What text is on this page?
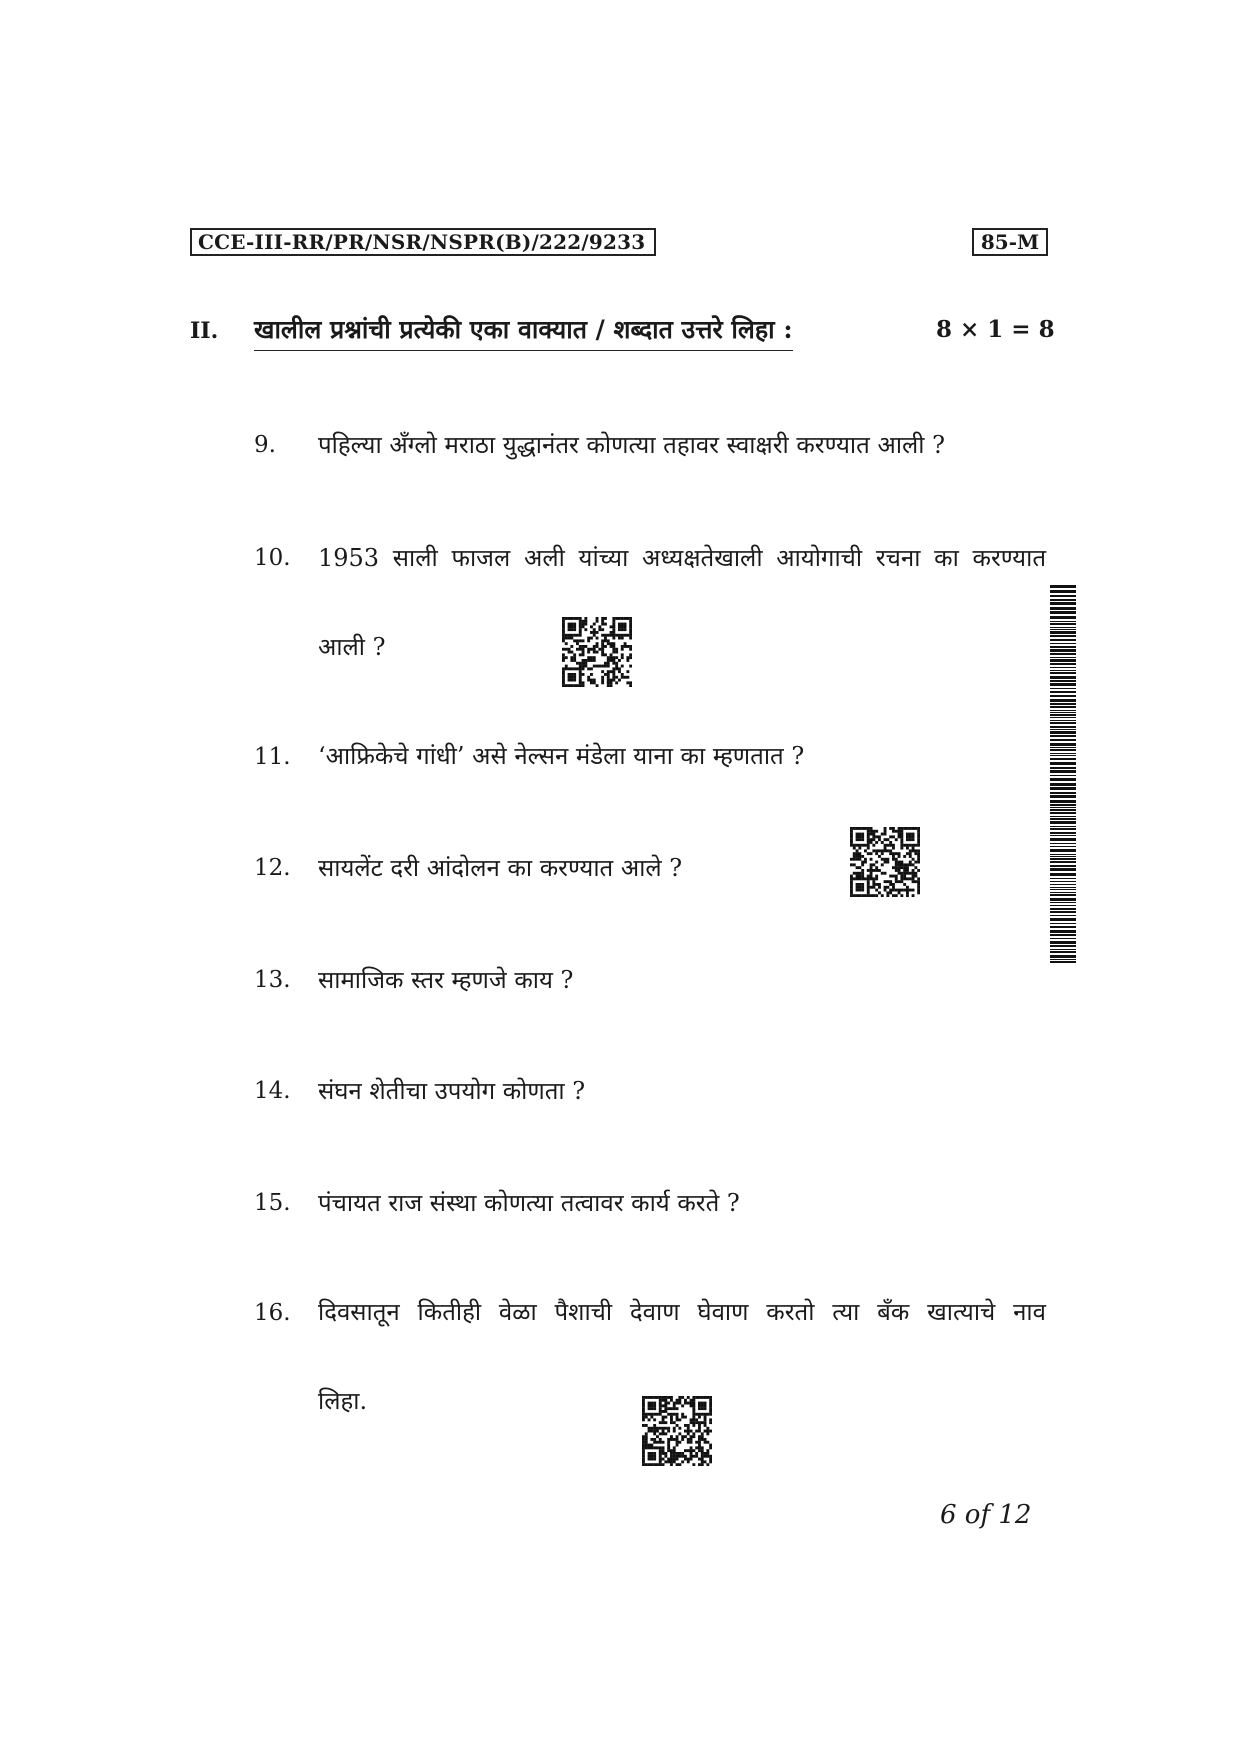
CCE-III-RR/PR/NSR/NSPR(B)/222/9233	85-M
II. खालील प्रश्नांची प्रत्येकी एका वाक्यात / शब्दात उत्तरे लिहा :	8 × 1 = 8
9.	पहिल्या अँग्लो मराठा युद्धानंतर कोणत्या तहावर स्वाक्षरी करण्यात आली ?
10.	1953 साली फाजल अली यांच्या अध्यक्षतेखाली आयोगाची रचना का करण्यात
आली ?
11.	‘आफ्रिकेचे गांधी’ असे नेल्सन मंडेला याना का म्हणतात ?
12.	सायलेंट दरी आंदोलन का करण्यात आले ?
13.	सामाजिक स्तर म्हणजे काय ?
14.	संघन शेतीचा उपयोग कोणता ?
15.	पंचायत राज संस्था कोणत्या तत्वावर कार्य करते ?
16.	दिवसातून कितीही वेळा पैशाची देवाण घेवाण करतो त्या बँक खात्याचे नाव
लिहा.
6 of 12
